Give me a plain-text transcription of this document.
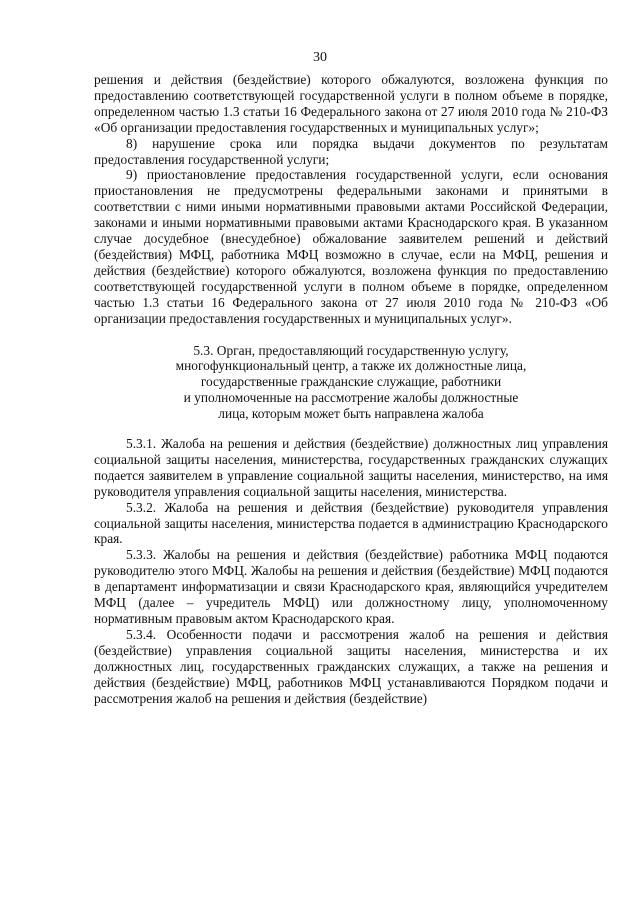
30

решения и действия (бездействие) которого обжалуются, возложена функция по предоставлению соответствующей государственной услуги в полном объеме в порядке, определенном частью 1.3 статьи 16 Федерального закона от 27 июля 2010 года № 210-ФЗ «Об организации предоставления государственных и муниципальных услуг»;

8) нарушение срока или порядка выдачи документов по результатам предоставления государственной услуги;

9) приостановление предоставления государственной услуги, если основания приостановления не предусмотрены федеральными законами и принятыми в соответствии с ними иными нормативными правовыми актами Российской Федерации, законами и иными нормативными правовыми актами Краснодарского края. В указанном случае досудебное (внесудебное) обжалование заявителем решений и действий (бездействия) МФЦ, работника МФЦ возможно в случае, если на МФЦ, решения и действия (бездействие) которого обжалуются, возложена функция по предоставлению соответствующей государственной услуги в полном объеме в порядке, определенном частью 1.3 статьи 16 Федерального закона от 27 июля 2010 года № 210-ФЗ «Об организации предоставления государственных и муниципальных услуг».

5.3. Орган, предоставляющий государственную услугу,
многофункциональный центр, а также их должностные лица,
государственные гражданские служащие, работники
и уполномоченные на рассмотрение жалобы должностные
лица, которым может быть направлена жалоба

5.3.1. Жалоба на решения и действия (бездействие) должностных лиц управления социальной защиты населения, министерства, государственных гражданских служащих подается заявителем в управление социальной защиты населения, министерство, на имя руководителя управления социальной защиты населения, министерства.

5.3.2. Жалоба на решения и действия (бездействие) руководителя управления социальной защиты населения, министерства подается в администрацию Краснодарского края.

5.3.3. Жалобы на решения и действия (бездействие) работника МФЦ подаются руководителю этого МФЦ. Жалобы на решения и действия (бездействие) МФЦ подаются в департамент информатизации и связи Краснодарского края, являющийся учредителем МФЦ (далее – учредитель МФЦ) или должностному лицу, уполномоченному нормативным правовым актом Краснодарского края.

5.3.4. Особенности подачи и рассмотрения жалоб на решения и действия (бездействие) управления социальной защиты населения, министерства и их должностных лиц, государственных гражданских служащих, а также на решения и действия (бездействие) МФЦ, работников МФЦ устанавливаются Порядком подачи и рассмотрения жалоб на решения и действия (бездействие)
